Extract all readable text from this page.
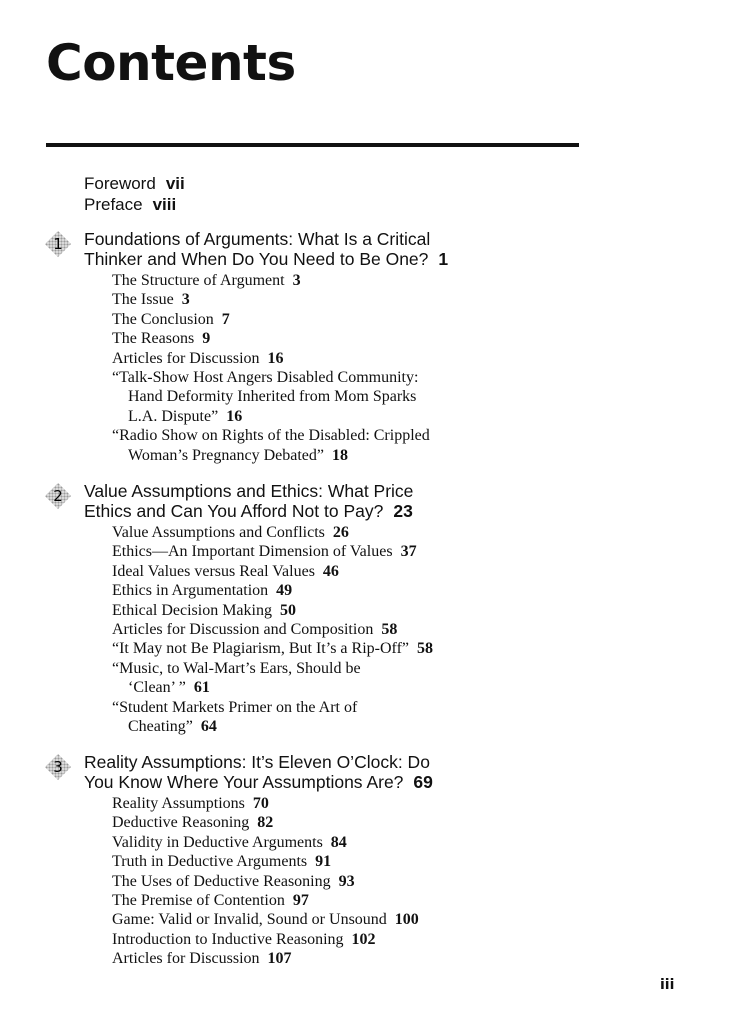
Contents
Foreword vii
Preface viii
1	Foundations of Arguments: What Is a Critical
Thinker and When Do You Need to Be One? 1
The Structure of Argument 3
The Issue 3
The Conclusion 7
The Reasons 9
Articles for Discussion 16
“Talk-Show Host Angers Disabled Community:
Hand Deformity Inherited from Mom Sparks
L.A. Dispute” 16
“Radio Show on Rights of the Disabled: Crippled
Woman’s Pregnancy Debated” 18
2	Value Assumptions and Ethics: What Price
Ethics and Can You Afford Not to Pay? 23
Value Assumptions and Conflicts 26
Ethics—An Important Dimension of Values 37
Ideal Values versus Real Values 46
Ethics in Argumentation 49
Ethical Decision Making 50
Articles for Discussion and Composition 58
“It May not Be Plagiarism, But It’s a Rip-Off” 58
“Music, to Wal-Mart’s Ears, Should be
‘Clean’ ” 61
“Student Markets Primer on the Art of
Cheating” 64
3	Reality Assumptions: It’s Eleven O’Clock: Do
You Know Where Your Assumptions Are? 69
Reality Assumptions 70
Deductive Reasoning 82
Validity in Deductive Arguments 84
Truth in Deductive Arguments 91
The Uses of Deductive Reasoning 93
The Premise of Contention 97
Game: Valid or Invalid, Sound or Unsound 100
Introduction to Inductive Reasoning 102
Articles for Discussion 107
iii
